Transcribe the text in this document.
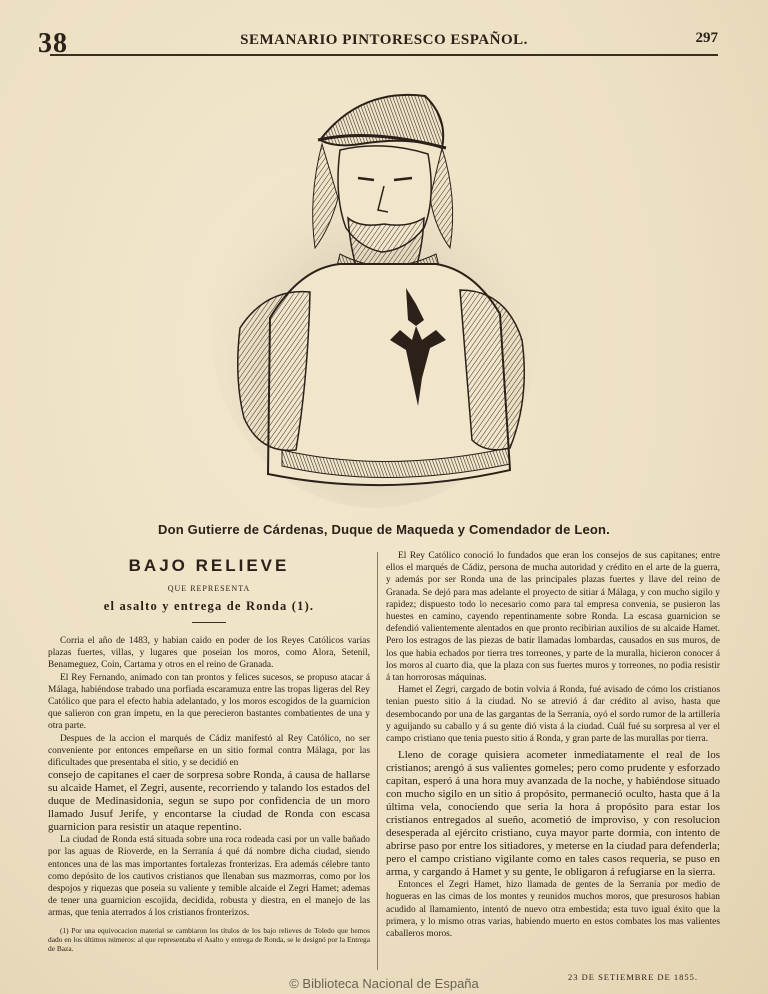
38	SEMANARIO PINTORESCO ESPAÑOL.	297
Don Gutierre de Cárdenas, Duque de Maqueda y Comendador de Leon.
BAJO RELIEVE
QUE REPRESENTA
el asalto y entrega de Ronda (1).

Corria el año de 1483, y habian caido en poder de los Reyes Católicos varias plazas fuertes, villas, y lugares que poseian los moros, como Alora, Setenil, Benameguez, Coin, Cartama y otros en el reino de Granada.

El Rey Fernando, animado con tan prontos y felices sucesos, se propuso atacar á Málaga, habiéndose trabado una porfiada escaramuza entre las tropas ligeras del Rey Católico que para el efecto habia adelantado, y los moros escogidos de la guarnicion que salieron con gran ímpetu, en la que perecieron bastantes combatientes de una y otra parte.

Despues de la accion el marqués de Cádiz manifestó al Rey Católico, no ser conveniente por entonces empeñarse en un sitio formal contra Málaga, por las dificultades que presentaba el sitio, y se decidió en

consejo de capitanes el caer de sorpresa sobre Ronda, á causa de hallarse su alcaide Hamet, el Zegri, ausente, recorriendo y talando los estados del duque de Medinasidonia, segun se supo por confidencia de un moro llamado Jusuf Jerife, y encontarse la ciudad de Ronda con escasa guarnicion para resistir un ataque repentino.

La ciudad de Ronda está situada sobre una roca rodeada casi por un valle bañado por las aguas de Rioverde, en la Serranía á qué dá nombre dicha ciudad, siendo entonces una de las mas importantes fortalezas fronterizas. Era además célebre tanto como depósito de los cautivos cristianos que llenaban sus mazmorras, como por los despojos y riquezas que poseia su valiente y temible alcaide el Zegri Hamet; ademas de tener una guarnicion escojida, decidida, robusta y diestra, en el manejo de las armas, que tenia aterrados á los cristianos fronterizos.

(1) Por una equivocacion material se cambiaron los títulos de los bajo relieves de Toledo que hemos dado en los últimos números: al que representaba el Asalto y entrega de Ronda, se le designó por la Entrega de Baza.

El Rey Católico conoció lo fundados que eran los consejos de sus capitanes; entre ellos el marqués de Cádiz, persona de mucha autoridad y crédito en el arte de la guerra, y además por ser Ronda una de las principales plazas fuertes y llave del reino de Granada. Se dejó para mas adelante el proyecto de sitiar á Málaga, y con mucho sigilo y rapidez; dispuesto todo lo necesario como para tal empresa convenia, se pusieron las huestes en camino, cayendo repentinamente sobre Ronda. La escasa guarnicion se defendió valientemente alentados en que pronto recibirian auxilios de su alcaide Hamet. Pero los estragos de las piezas de batir llamadas lombardas, causados en sus muros, de los que habia echados por tierra tres torreones, y parte de la muralla, hicieron conocer á los moros al cuarto dia, que la plaza con sus fuertes muros y torreones, no podia resistir á tan horrorosas máquinas.

Hamet el Zegri, cargado de botin volvia á Ronda, fué avisado de cómo los cristianos tenian puesto sitio á la ciudad. No se atrevió á dar crédito al aviso, hasta que desembocando por una de las gargantas de la Serranía, oyó el sordo rumor de la artillería y aguijando su caballo y á su gente dió vista á la ciudad. Cuál fué su sorpresa al ver el campo cristiano que tenia puesto sitio á Ronda, y gran parte de las murallas por tierra.

Lleno de corage quisiera acometer inmediatamente el real de los cristianos; arengó á sus valientes gomeles; pero como prudente y esforzado capitan, esperó á una hora muy avanzada de la noche, y habiéndose situado con mucho sigilo en un sitio á propósito, permaneció oculto, hasta que á la última vela, conociendo que seria la hora á propósito para estar los cristianos entregados al sueño, acometió de improviso, y con resolucion desesperada al ejército cristiano, cuya mayor parte dormia, con intento de abrirse paso por entre los sitiadores, y meterse en la ciudad para defenderla; pero el campo cristiano vigilante como en tales casos requeria, se puso en arma, y cargando á Hamet y su gente, le obligaron á refugiarse en la sierra.

Entonces el Zegri Hamet, hizo llamada de gentes de la Serranía por medio de hogueras en las cimas de los montes y reunidos muchos moros, que presurosos habian acudido al llamamiento, intentó de nuevo otra embestida; esta tuvo igual éxito que la primera, y lo mismo otras varias, habiendo muerto en estos combates los mas valientes caballeros moros.

23 DE SETIEMBRE DE 1855.
© Biblioteca Nacional de España
